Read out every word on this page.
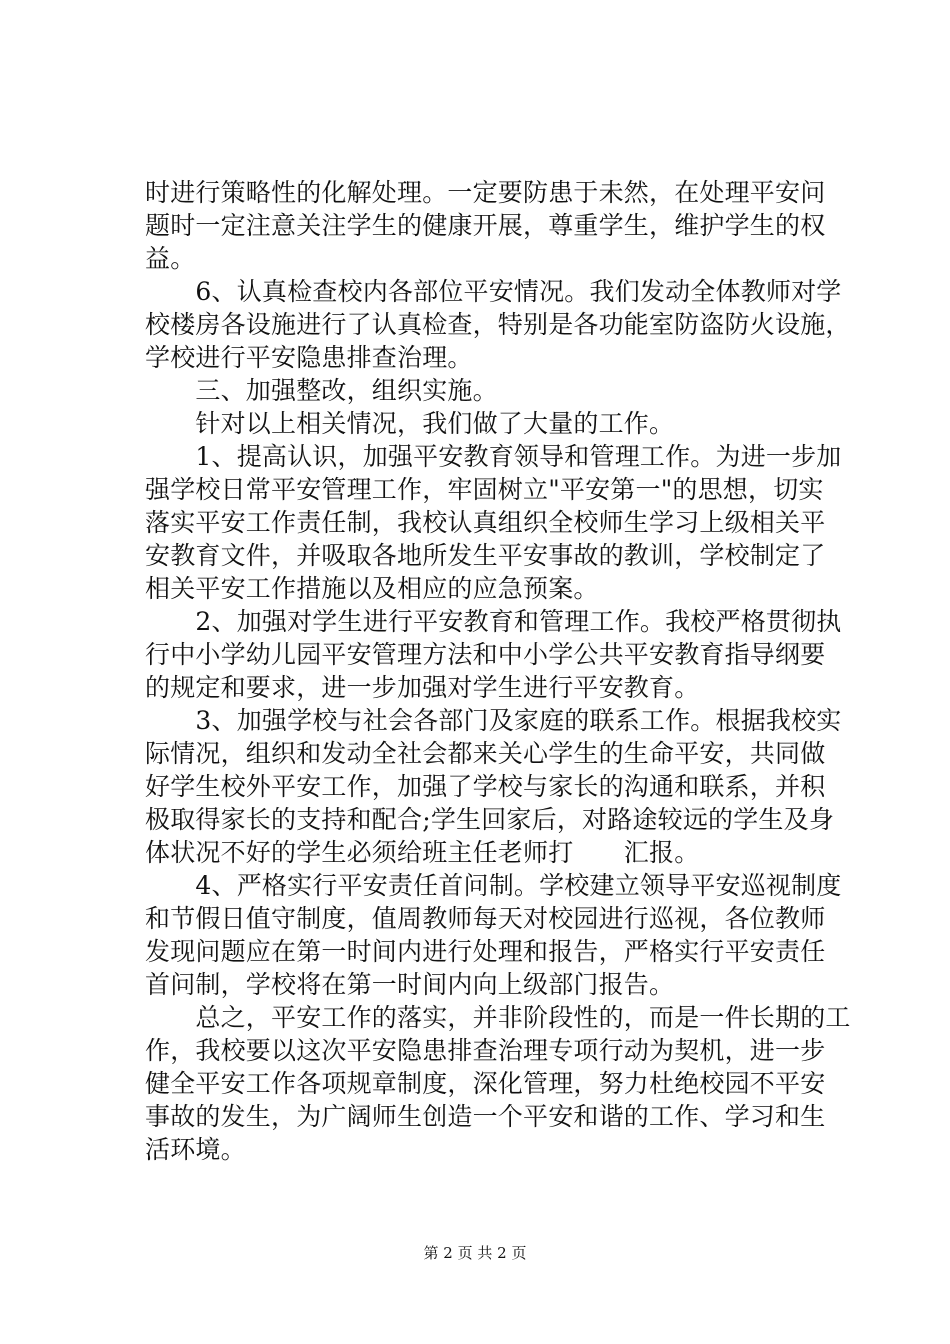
时进行策略性的化解处理。一定要防患于未然，在处理平安问
题时一定注意关注学生的健康开展，尊重学生，维护学生的权
益。
　　6、认真检查校内各部位平安情况。我们发动全体教师对学
校楼房各设施进行了认真检查，特别是各功能室防盗防火设施，
学校进行平安隐患排查治理。
　　三、加强整改，组织实施。
　　针对以上相关情况，我们做了大量的工作。
　　1、提高认识，加强平安教育领导和管理工作。为进一步加
强学校日常平安管理工作，牢固树立"平安第一"的思想，切实
落实平安工作责任制，我校认真组织全校师生学习上级相关平
安教育文件，并吸取各地所发生平安事故的教训，学校制定了
相关平安工作措施以及相应的应急预案。
　　2、加强对学生进行平安教育和管理工作。我校严格贯彻执
行中小学幼儿园平安管理方法和中小学公共平安教育指导纲要
的规定和要求，进一步加强对学生进行平安教育。
　　3、加强学校与社会各部门及家庭的联系工作。根据我校实
际情况，组织和发动全社会都来关心学生的生命平安，共同做
好学生校外平安工作，加强了学校与家长的沟通和联系，并积
极取得家长的支持和配合;学生回家后，对路途较远的学生及身
体状况不好的学生必须给班主任老师打　　汇报。
　　4、严格实行平安责任首问制。学校建立领导平安巡视制度
和节假日值守制度，值周教师每天对校园进行巡视，各位教师
发现问题应在第一时间内进行处理和报告，严格实行平安责任
首问制，学校将在第一时间内向上级部门报告。
　　总之，平安工作的落实，并非阶段性的，而是一件长期的工
作，我校要以这次平安隐患排查治理专项行动为契机，进一步
健全平安工作各项规章制度，深化管理，努力杜绝校园不平安
事故的发生，为广阔师生创造一个平安和谐的工作、学习和生
活环境。
第 2 页 共 2 页
